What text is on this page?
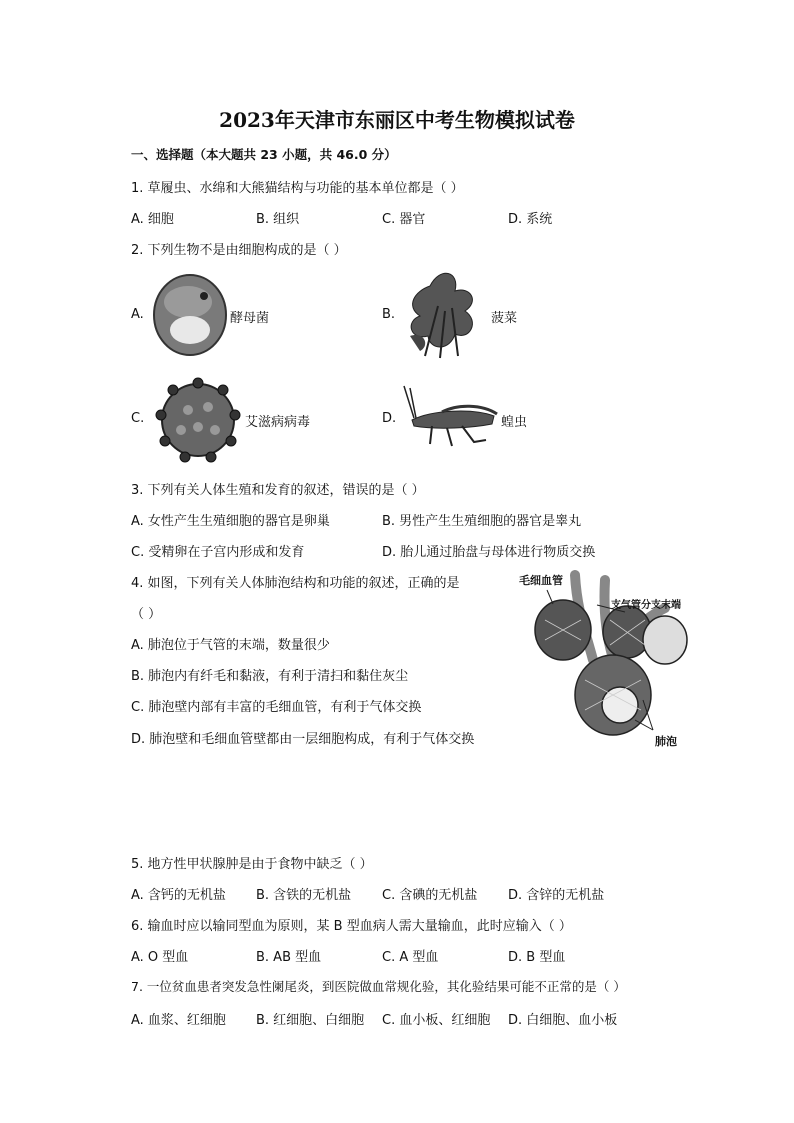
2023年天津市东丽区中考生物模拟试卷
一、选择题（本大题共 23 小题，共 46.0 分）
1. 草履虫、水绵和大熊猫结构与功能的基本单位都是（ ）
A. 细胞	B. 组织	C. 器官	D. 系统
2. 下列生物不是由细胞构成的是（ ）
A.	酵母菌	B.	菠菜
C.	艾滋病病毒	D.	蝗虫
3. 下列有关人体生殖和发育的叙述，错误的是（ ）
A. 女性产生生殖细胞的器官是卵巢	B. 男性产生生殖细胞的器官是睾丸
C. 受精卵在子宫内形成和发育	D. 胎儿通过胎盘与母体进行物质交换
4. 如图，下列有关人体肺泡结构和功能的叙述，正确的是
（ ）
A. 肺泡位于气管的末端，数量很少
B. 肺泡内有纤毛和黏液，有利于清扫和黏住灰尘
C. 肺泡壁内部有丰富的毛细血管，有利于气体交换
D. 肺泡壁和毛细血管壁都由一层细胞构成，有利于气体交换
毛细血管
支气管分支末端
肺泡
5. 地方性甲状腺肿是由于食物中缺乏（ ）
A. 含钙的无机盐 B. 含铁的无机盐 C. 含碘的无机盐 D. 含锌的无机盐
6. 输血时应以输同型血为原则，某 B 型血病人需大量输血，此时应输入（ ）
A. O 型血	B. AB 型血	C. A 型血	D. B 型血
7. 一位贫血患者突发急性阑尾炎，到医院做血常规化验，其化验结果可能不正常的是（ ）
A. 血浆、红细胞 B. 红细胞、白细胞 C. 血小板、红细胞 D. 白细胞、血小板
